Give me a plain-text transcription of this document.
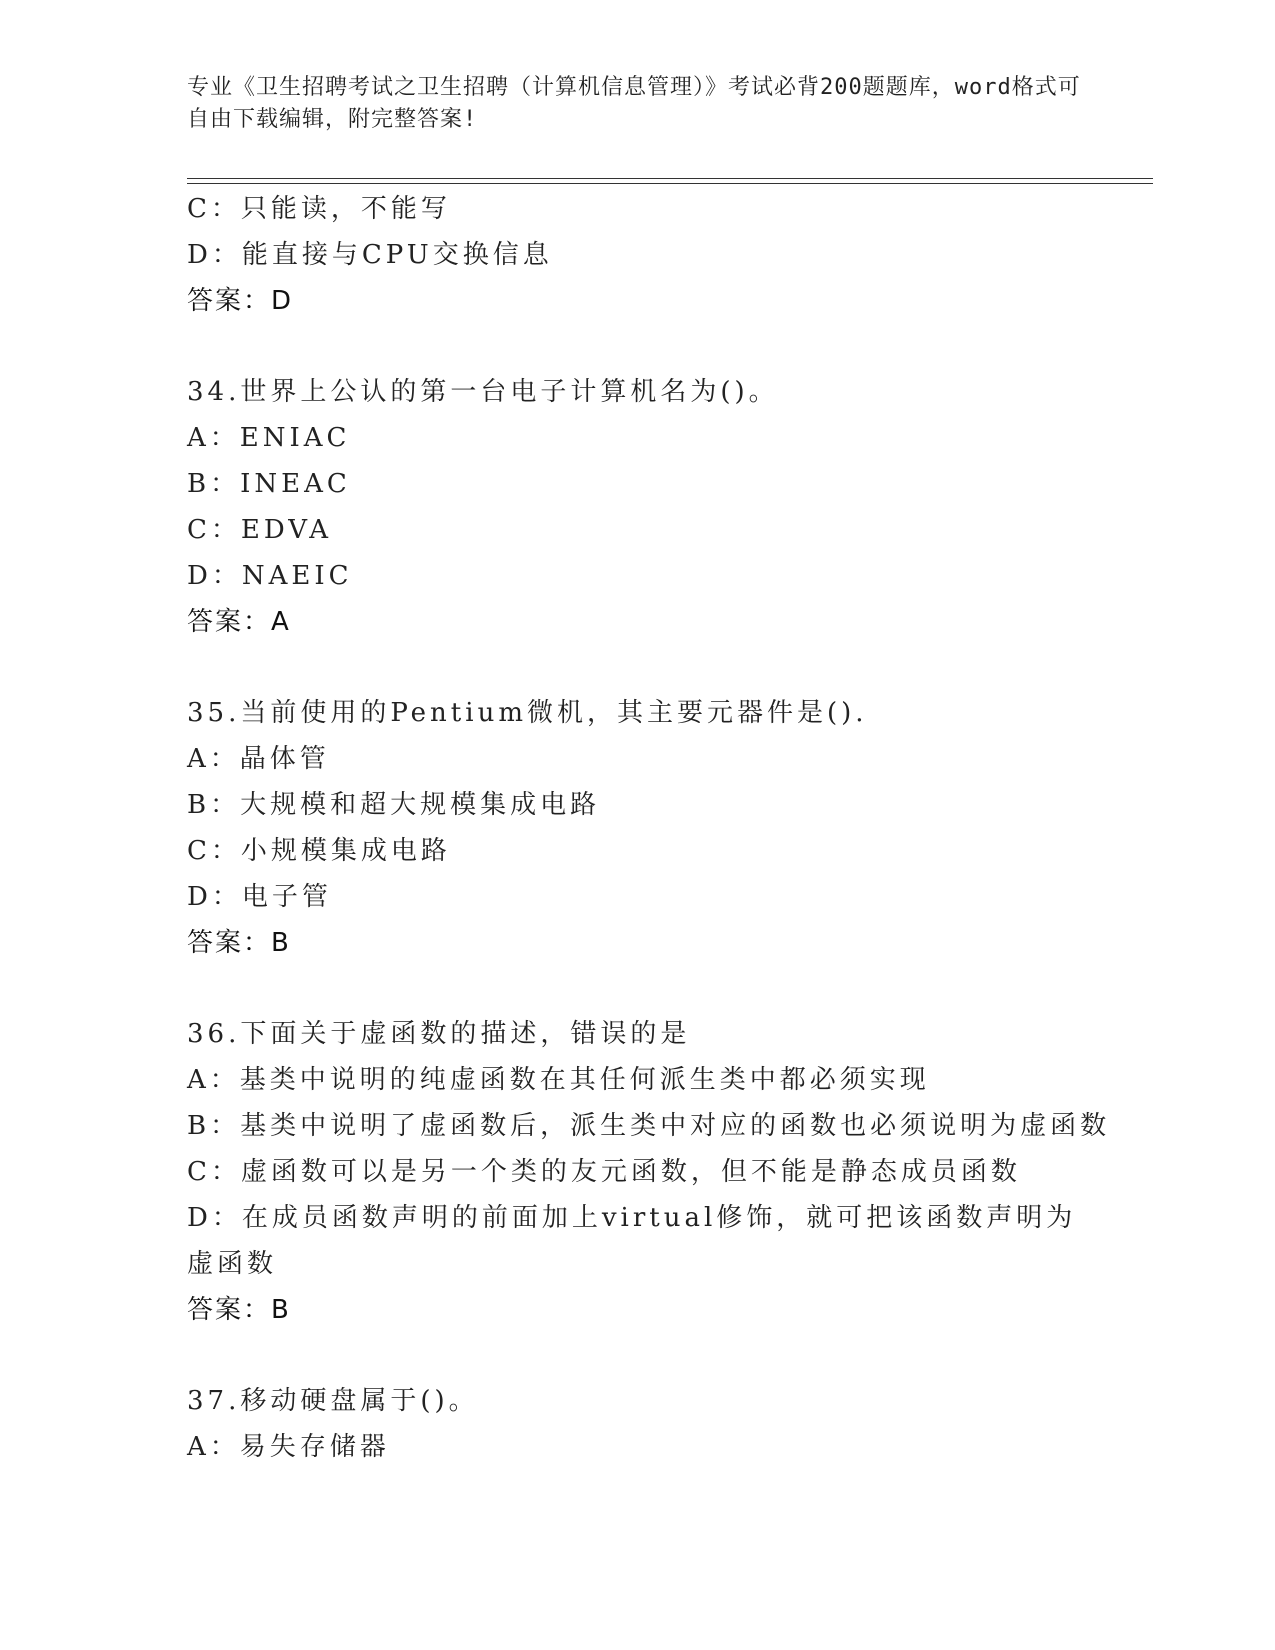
专业《卫生招聘考试之卫生招聘（计算机信息管理）》考试必背200题题库，word格式可自由下载编辑，附完整答案!
C：只能读，不能写
D：能直接与CPU交换信息
答案：D
34.世界上公认的第一台电子计算机名为()。
A：ENIAC
B：INEAC
C：EDVA
D：NAEIC
答案：A
35.当前使用的Pentium微机，其主要元器件是().
A：晶体管
B：大规模和超大规模集成电路
C：小规模集成电路
D：电子管
答案：B
36.下面关于虚函数的描述，错误的是
A：基类中说明的纯虚函数在其任何派生类中都必须实现
B：基类中说明了虚函数后，派生类中对应的函数也必须说明为虚函数
C：虚函数可以是另一个类的友元函数，但不能是静态成员函数
D：在成员函数声明的前面加上virtual修饰，就可把该函数声明为虚函数
答案：B
37.移动硬盘属于()。
A：易失存储器
